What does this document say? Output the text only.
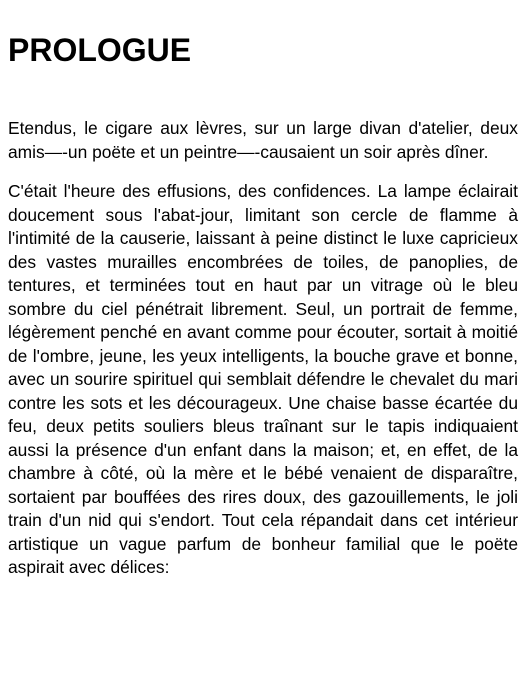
PROLOGUE

Etendus, le cigare aux lèvres, sur un large divan d'atelier, deux amis—-un poëte et un peintre—-causaient un soir après dîner.

C'était l'heure des effusions, des confidences. La lampe éclairait doucement sous l'abat-jour, limitant son cercle de flamme à l'intimité de la causerie, laissant à peine distinct le luxe capricieux des vastes murailles encombrées de toiles, de panoplies, de tentures, et terminées tout en haut par un vitrage où le bleu sombre du ciel pénétrait librement. Seul, un portrait de femme, légèrement penché en avant comme pour écouter, sortait à moitié de l'ombre, jeune, les yeux intelligents, la bouche grave et bonne, avec un sourire spirituel qui semblait défendre le chevalet du mari contre les sots et les décourageux. Une chaise basse écartée du feu, deux petits souliers bleus traînant sur le tapis indiquaient aussi la présence d'un enfant dans la maison; et, en effet, de la chambre à côté, où la mère et le bébé venaient de disparaître, sortaient par bouffées des rires doux, des gazouillements, le joli train d'un nid qui s'endort. Tout cela répandait dans cet intérieur artistique un vague parfum de bonheur familial que le poëte aspirait avec délices:
